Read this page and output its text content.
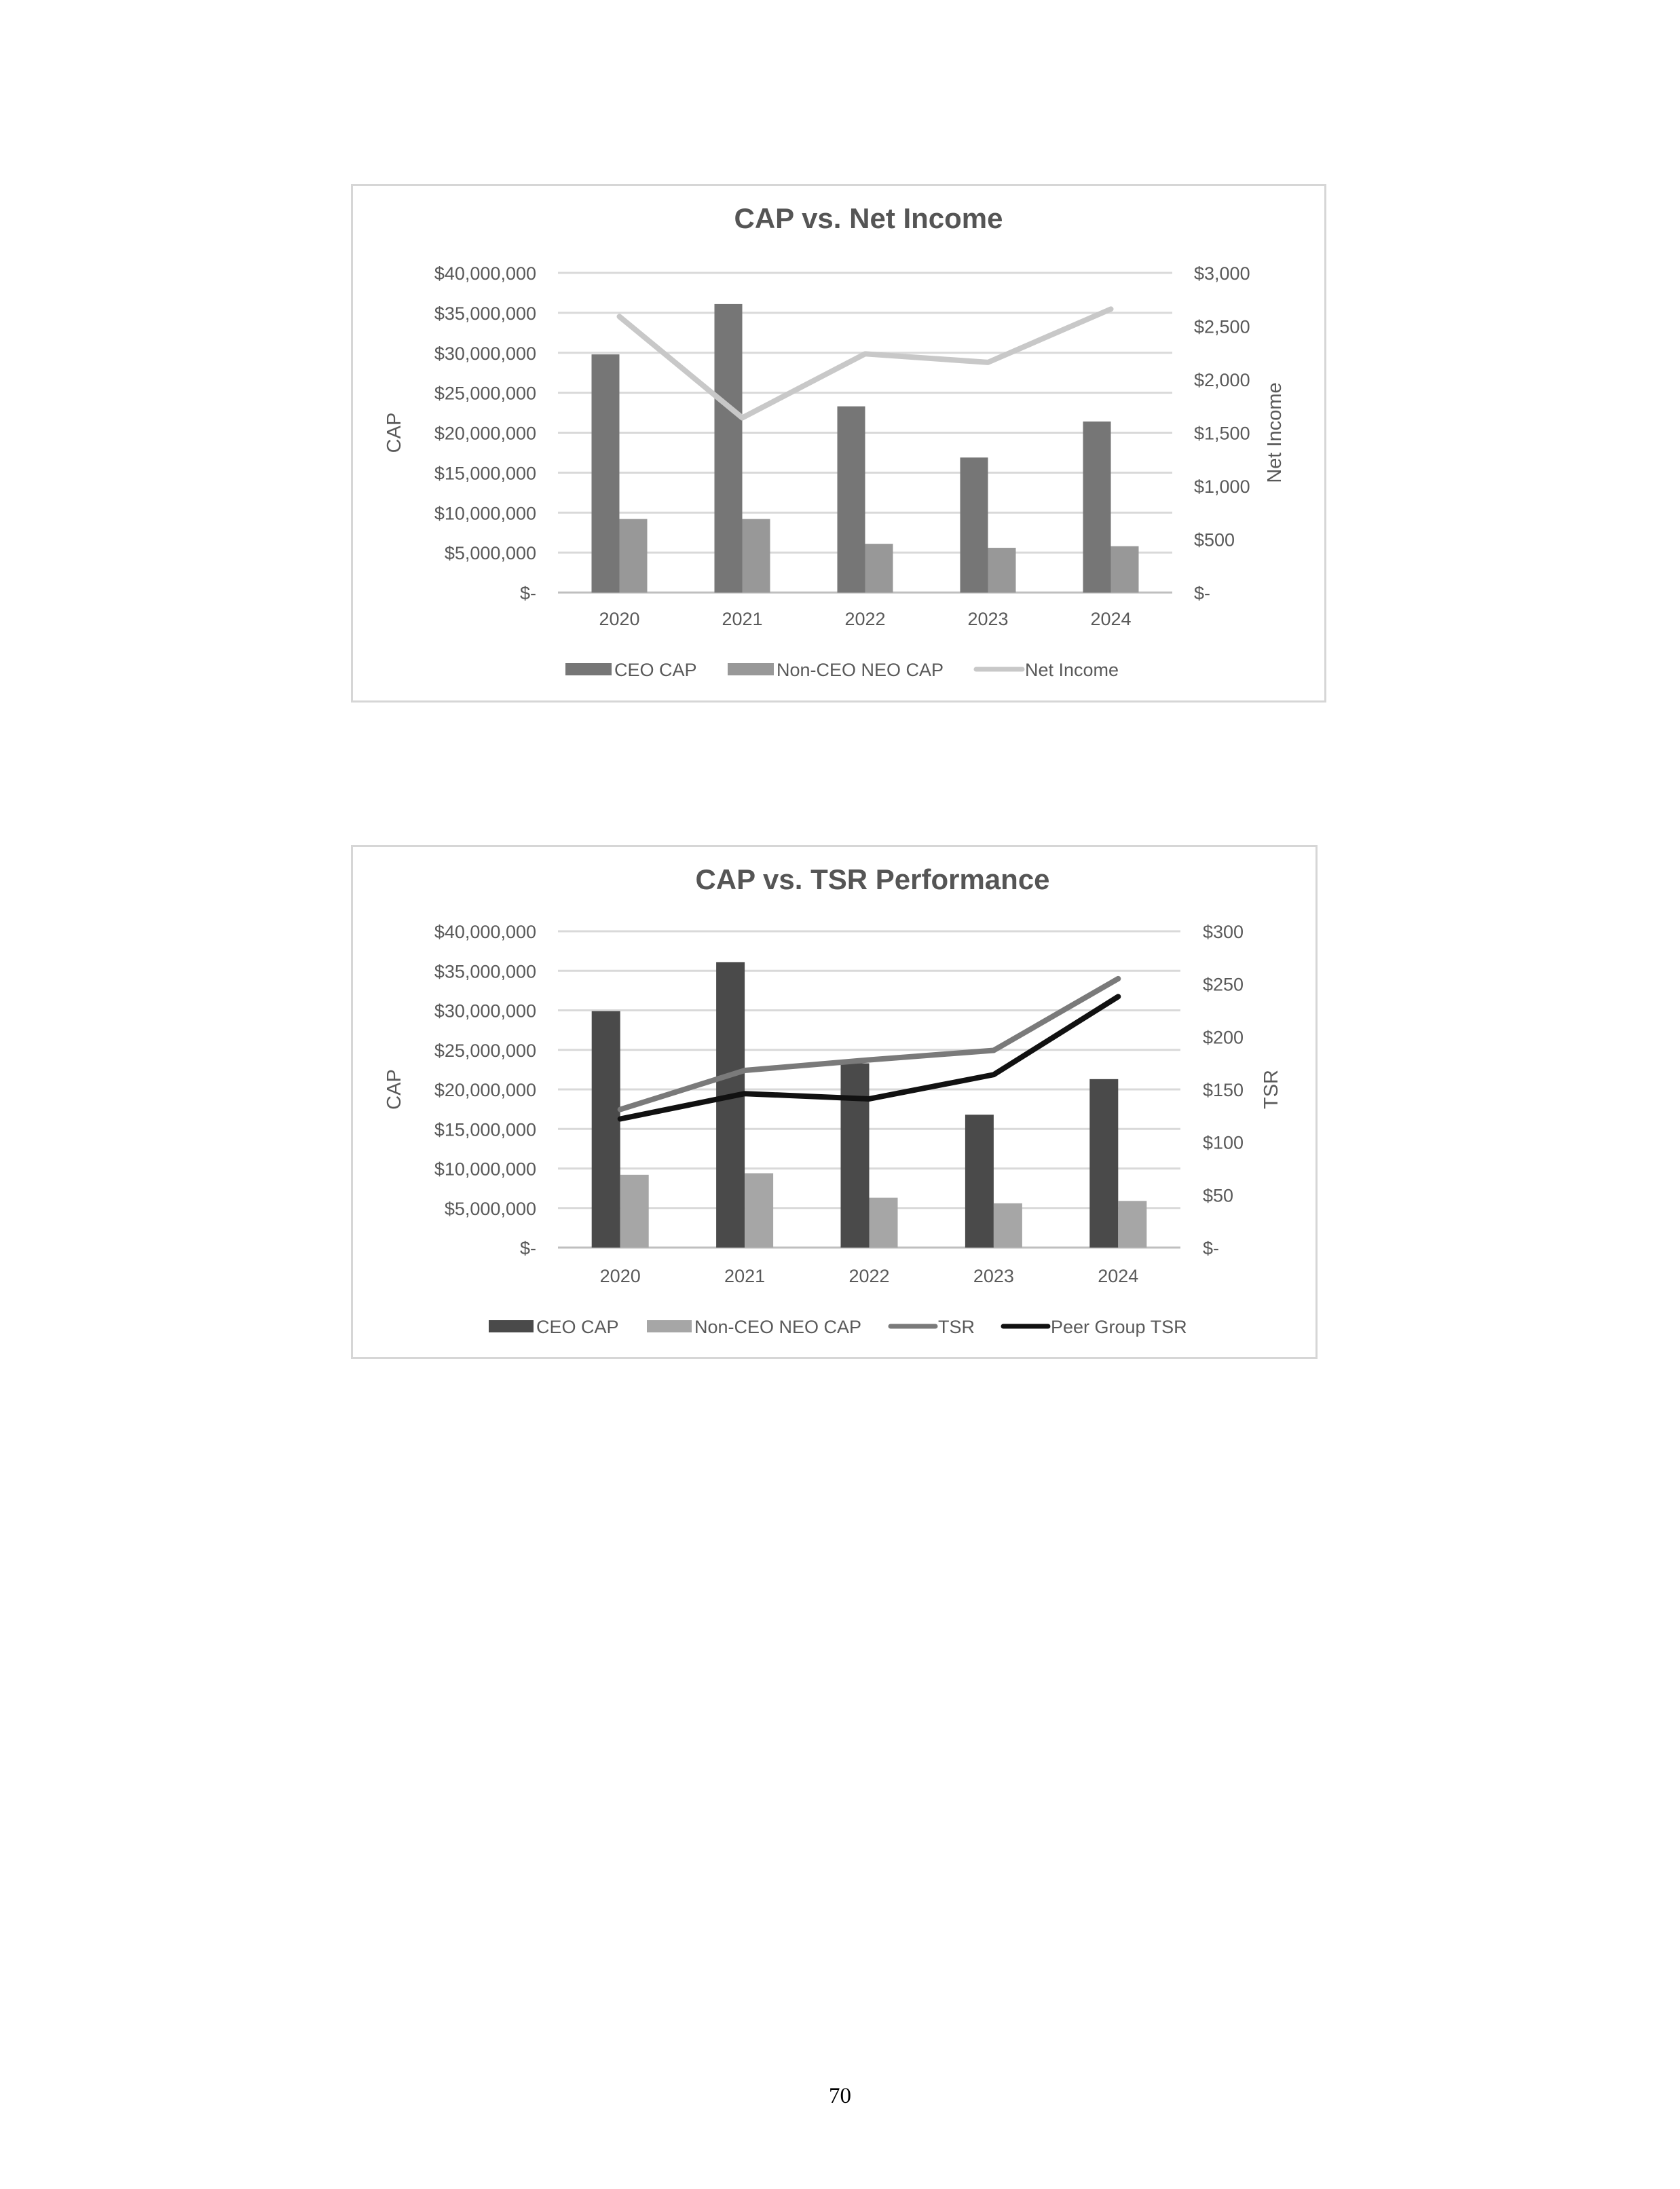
CAP vs. Net Income
$-
$5,000,000
$10,000,000
$15,000,000
$20,000,000
$25,000,000
$30,000,000
$35,000,000
$40,000,000
$-
$500
$1,000
$1,500
$2,000
$2,500
$3,000
CAP	Net Income
2020	2021	2022	2023	2024
CEO CAP	Non-CEO NEO CAP	Net Income
CAP vs. TSR Performance
$-
$5,000,000
$10,000,000
$15,000,000
$20,000,000
$25,000,000
$30,000,000
$35,000,000
$40,000,000
$-
$50
$100
$150
$200
$250
$300
CAP	TSR
2020	2021	2022	2023	2024
CEO CAP	Non-CEO NEO CAP	TSR	Peer Group TSR
70
